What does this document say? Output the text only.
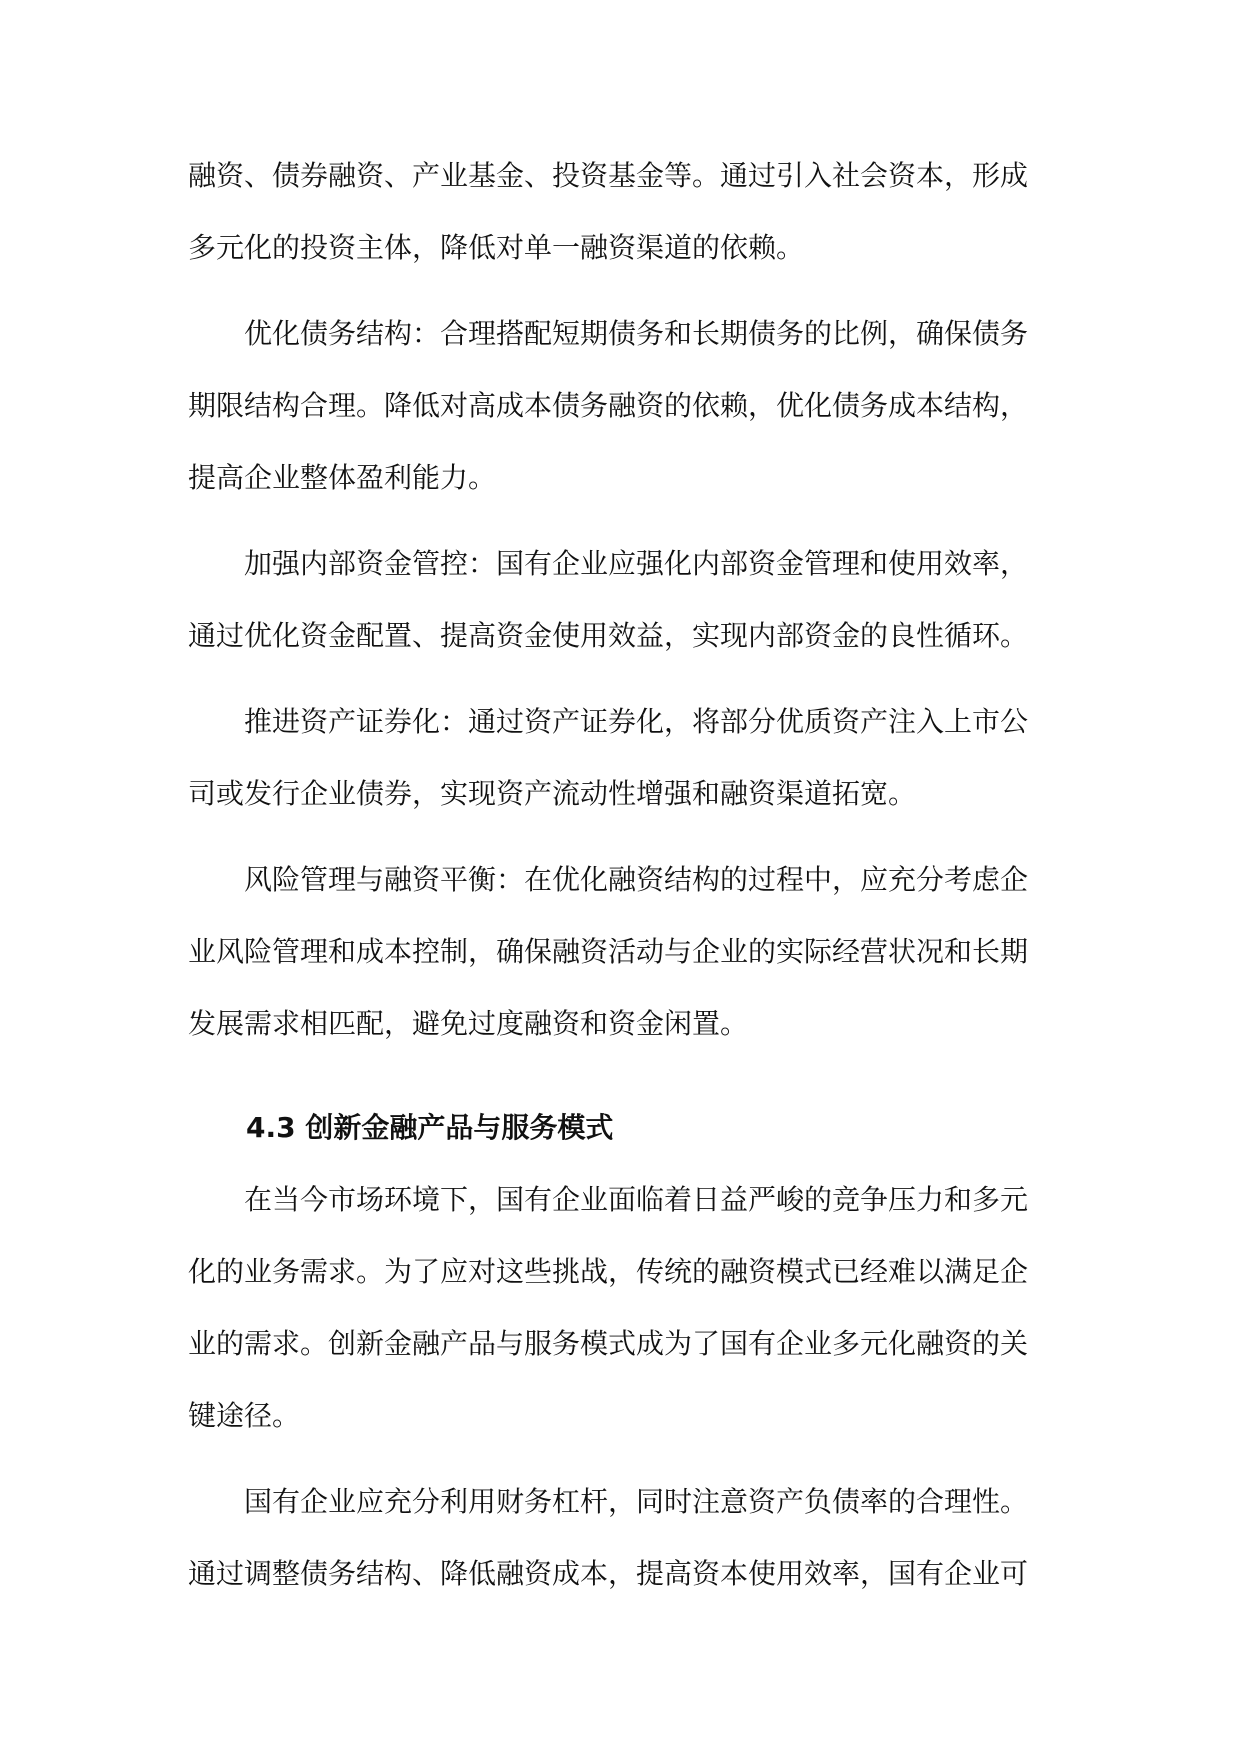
融资、债券融资、产业基金、投资基金等。通过引入社会资本，形成
多元化的投资主体，降低对单一融资渠道的依赖。
优化债务结构：合理搭配短期债务和长期债务的比例，确保债务
期限结构合理。降低对高成本债务融资的依赖，优化债务成本结构，
提高企业整体盈利能力。
加强内部资金管控：国有企业应强化内部资金管理和使用效率，
通过优化资金配置、提高资金使用效益，实现内部资金的良性循环。
推进资产证券化：通过资产证券化，将部分优质资产注入上市公
司或发行企业债券，实现资产流动性增强和融资渠道拓宽。
风险管理与融资平衡：在优化融资结构的过程中，应充分考虑企
业风险管理和成本控制，确保融资活动与企业的实际经营状况和长期
发展需求相匹配，避免过度融资和资金闲置。
4.3 创新金融产品与服务模式
在当今市场环境下，国有企业面临着日益严峻的竞争压力和多元
化的业务需求。为了应对这些挑战，传统的融资模式已经难以满足企
业的需求。创新金融产品与服务模式成为了国有企业多元化融资的关
键途径。
国有企业应充分利用财务杠杆，同时注意资产负债率的合理性。
通过调整债务结构、降低融资成本，提高资本使用效率，国有企业可
